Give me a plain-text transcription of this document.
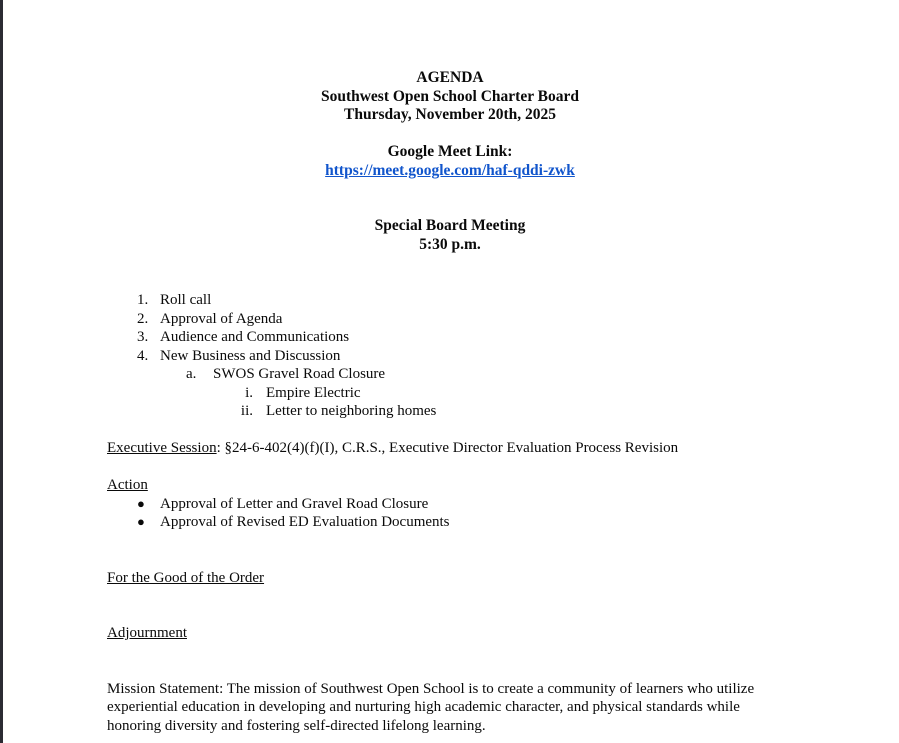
AGENDA
Southwest Open School Charter Board
Thursday, November 20th, 2025
Google Meet Link:
https://meet.google.com/haf-qddi-zwk
Special Board Meeting
5:30 p.m.
1. Roll call
2. Approval of Agenda
3. Audience and Communications
4. New Business and Discussion
a.	SWOS Gravel Road Closure
i. Empire Electric
ii. Letter to neighboring homes
Executive Session: §24-6-402(4)(f)(I), C.R.S., Executive Director Evaluation Process Revision
Action
●	Approval of Letter and Gravel Road Closure
●	Approval of Revised ED Evaluation Documents
For the Good of the Order
Adjournment
Mission Statement: The mission of Southwest Open School is to create a community of learners who utilize experiential education in developing and nurturing high academic character, and physical standards while honoring diversity and fostering self-directed lifelong learning.
